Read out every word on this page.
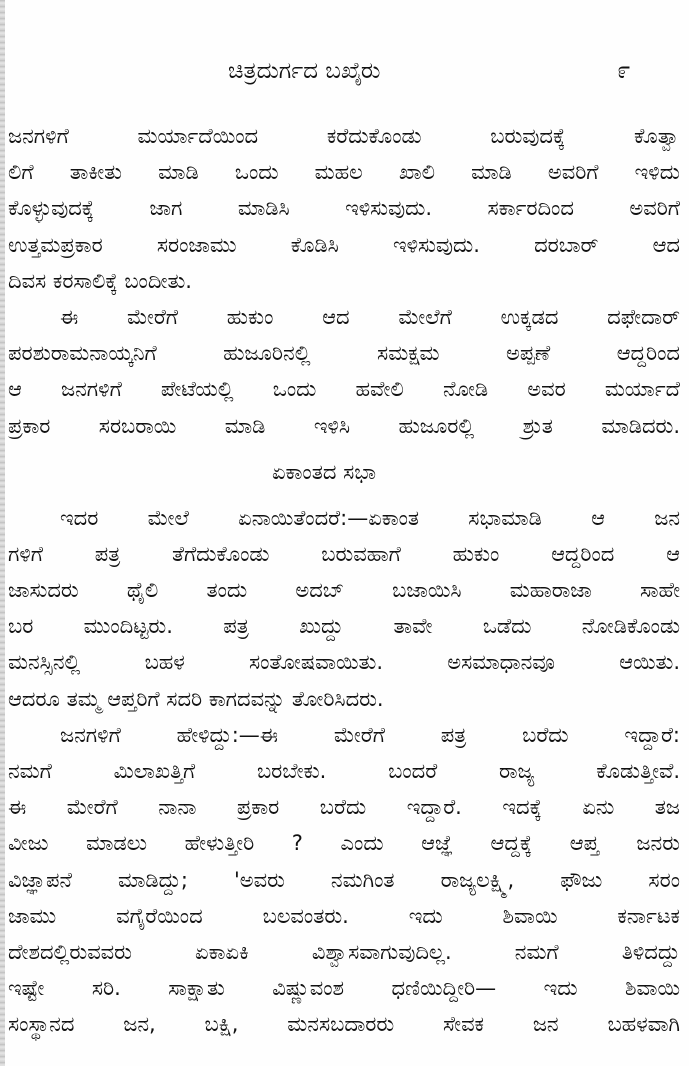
ಚಿತ್ರದುರ್ಗದ ಬಖೈರು	೯
ಜನಗಳಿಗೆ ಮರ್ಯಾದೆಯಿಂದ ಕರೆದುಕೊಂಡು ಬರುವುದಕ್ಕೆ ಕೊತ್ವಾ
ಲಿಗೆ ತಾಕೀತು ಮಾಡಿ ಒಂದು ಮಹಲ ಖಾಲಿ ಮಾಡಿ ಅವರಿಗೆ ಇಳಿದು
ಕೊಳ್ಳುವುದಕ್ಕೆ ಜಾಗ ಮಾಡಿಸಿ ಇಳಿಸುವುದು. ಸರ್ಕಾರದಿಂದ ಅವರಿಗೆ
ಉತ್ತಮಪ್ರಕಾರ ಸರಂಜಾಮು ಕೊಡಿಸಿ ಇಳಿಸುವುದು. ದರಬಾರ್ ಆದ
ದಿವಸ ಕರಸಾಲಿಕ್ಕೆ ಬಂದೀತು.
ಈ ಮೇರೆಗೆ ಹುಕುಂ ಆದ ಮೇಲೆಗೆ ಉಕ್ಕಡದ ದಫೇದಾರ್
ಪರಶುರಾಮನಾಯ್ಕನಿಗೆ ಹುಜೂರಿನಲ್ಲಿ ಸಮಕ್ಷಮ ಅಪ್ಪಣೆ ಆದ್ದರಿಂದ
ಆ ಜನಗಳಿಗೆ ಪೇಟೆಯಲ್ಲಿ ಒಂದು ಹವೇಲಿ ನೋಡಿ ಅವರ ಮರ್ಯಾದೆ
ಪ್ರಕಾರ ಸರಬರಾಯಿ ಮಾಡಿ ಇಳಿಸಿ ಹುಜೂರಲ್ಲಿ ಶ್ರುತ ಮಾಡಿದರು.
ಏಕಾಂತದ ಸಭಾ
ಇದರ ಮೇಲೆ ಏನಾಯಿತೆಂದರೆ:—ಏಕಾಂತ ಸಭಾಮಾಡಿ ಆ ಜನ
ಗಳಿಗೆ ಪತ್ರ ತೆಗೆದುಕೊಂಡು ಬರುವಹಾಗೆ ಹುಕುಂ ಆದ್ದರಿಂದ ಆ
ಜಾಸುದರು ಥೈಲಿ ತಂದು ಅದಬ್ ಬಜಾಯಿಸಿ ಮಹಾರಾಜಾ ಸಾಹೇ
ಬರ ಮುಂದಿಟ್ಟರು. ಪತ್ರ ಖುದ್ದು ತಾವೇ ಒಡೆದು ನೋಡಿಕೊಂಡು
ಮನಸ್ಸಿನಲ್ಲಿ ಬಹಳ ಸಂತೋಷವಾಯಿತು. ಅಸಮಾಧಾನವೂ ಆಯಿತು.
ಆದರೂ ತಮ್ಮ ಆಪ್ತರಿಗೆ ಸದರಿ ಕಾಗದವನ್ನು ತೋರಿಸಿದರು.
ಜನಗಳಿಗೆ ಹೇಳಿದ್ದು:—ಈ ಮೇರೆಗೆ ಪತ್ರ ಬರೆದು ಇದ್ದಾರೆ:
ನಮಗೆ ಮಿಲಾಖತ್ತಿಗೆ ಬರಬೇಕು. ಬಂದರೆ ರಾಜ್ಯ ಕೊಡುತ್ತೀವೆ.
ಈ ಮೇರೆಗೆ ನಾನಾ ಪ್ರಕಾರ ಬರೆದು ಇದ್ದಾರೆ. ಇದಕ್ಕೆ ಏನು ತಜ
ವೀಜು ಮಾಡಲು ಹೇಳುತ್ತೀರಿ ? ಎಂದು ಆಜ್ಞೆ ಆದ್ದಕ್ಕೆ ಆಪ್ತ ಜನರು
ವಿಜ್ಞಾಪನೆ ಮಾಡಿದ್ದು; 'ಅವರು ನಮಗಿಂತ ರಾಜ್ಯಲಕ್ಷ್ಮಿ, ಫೌಜು ಸರಂ
ಜಾಮು ವಗೈರೆಯಿಂದ ಬಲವಂತರು. ಇದು ಶಿವಾಯಿ ಕರ್ನಾಟಕ
ದೇಶದಲ್ಲಿರುವವರು ಏಕಾಏಕಿ ವಿಶ್ವಾಸವಾಗುವುದಿಲ್ಲ. ನಮಗೆ ತಿಳಿದದ್ದು
ಇಷ್ಟೇ ಸರಿ. ಸಾಕ್ಷಾತು ವಿಷ್ಣುವಂಶ ಧಣಿಯಿದ್ದೀರಿ— ಇದು ಶಿವಾಯಿ
ಸಂಸ್ಥಾನದ ಜನ, ಬಕ್ಷಿ, ಮನಸಬದಾರರು ಸೇವಕ ಜನ ಬಹಳವಾಗಿ
